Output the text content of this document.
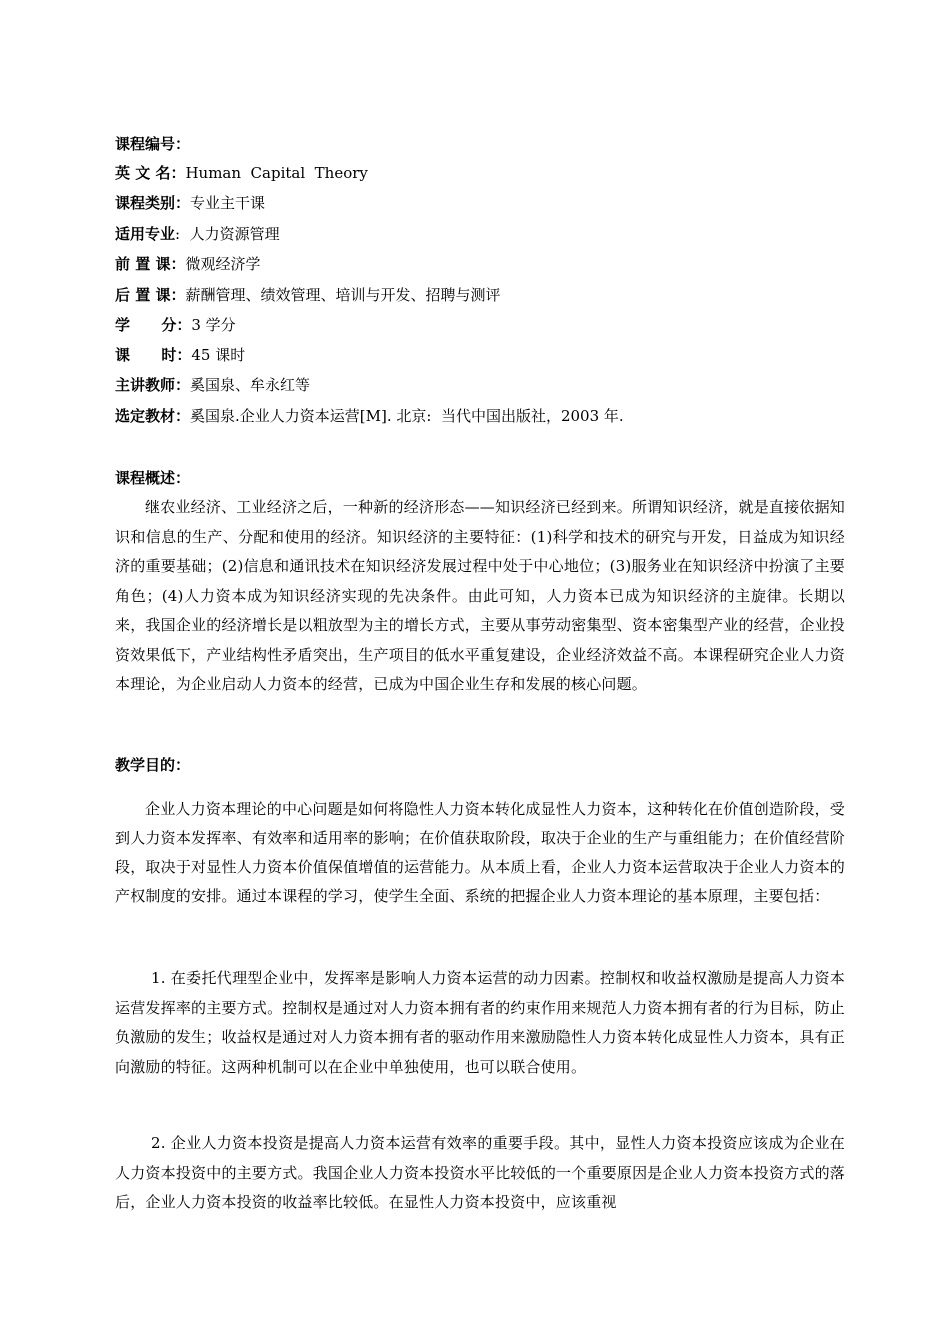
课程编号：
英 文 名：Human  Capital  Theory
课程类别：专业主干课
适用专业:  人力资源管理
前 置 课：微观经济学
后 置 课：薪酬管理、绩效管理、培训与开发、招聘与测评
学      分：3 学分
课      时：45 课时
主讲教师：奚国泉、牟永红等
选定教材：奚国泉.企业人力资本运营[M]. 北京:  当代中国出版社，2003 年.
课程概述：

继农业经济、工业经济之后，一种新的经济形态——知识经济已经到来。所谓知识经济，就是直接依据知识和信息的生产、分配和使用的经济。知识经济的主要特征：(1)科学和技术的研究与开发，日益成为知识经济的重要基础；(2)信息和通讯技术在知识经济发展过程中处于中心地位；(3)服务业在知识经济中扮演了主要角色；(4)人力资本成为知识经济实现的先决条件。由此可知，人力资本已成为知识经济的主旋律。长期以来，我国企业的经济增长是以粗放型为主的增长方式，主要从事劳动密集型、资本密集型产业的经营，企业投资效果低下，产业结构性矛盾突出，生产项目的低水平重复建设，企业经济效益不高。本课程研究企业人力资本理论，为企业启动人力资本的经营，已成为中国企业生存和发展的核心问题。

教学目的：

企业人力资本理论的中心问题是如何将隐性人力资本转化成显性人力资本，这种转化在价值创造阶段，受到人力资本发挥率、有效率和适用率的影响；在价值获取阶段，取决于企业的生产与重组能力；在价值经营阶段，取决于对显性人力资本价值保值增值的运营能力。从本质上看，企业人力资本运营取决于企业人力资本的产权制度的安排。通过本课程的学习，使学生全面、系统的把握企业人力资本理论的基本原理，主要包括：

1. 在委托代理型企业中，发挥率是影响人力资本运营的动力因素。控制权和收益权激励是提高人力资本运营发挥率的主要方式。控制权是通过对人力资本拥有者的约束作用来规范人力资本拥有者的行为目标，防止负激励的发生；收益权是通过对人力资本拥有者的驱动作用来激励隐性人力资本转化成显性人力资本，具有正向激励的特征。这两种机制可以在企业中单独使用，也可以联合使用。

2. 企业人力资本投资是提高人力资本运营有效率的重要手段。其中，显性人力资本投资应该成为企业在人力资本投资中的主要方式。我国企业人力资本投资水平比较低的一个重要原因是企业人力资本投资方式的落后，企业人力资本投资的收益率比较低。在显性人力资本投资中，应该重视
